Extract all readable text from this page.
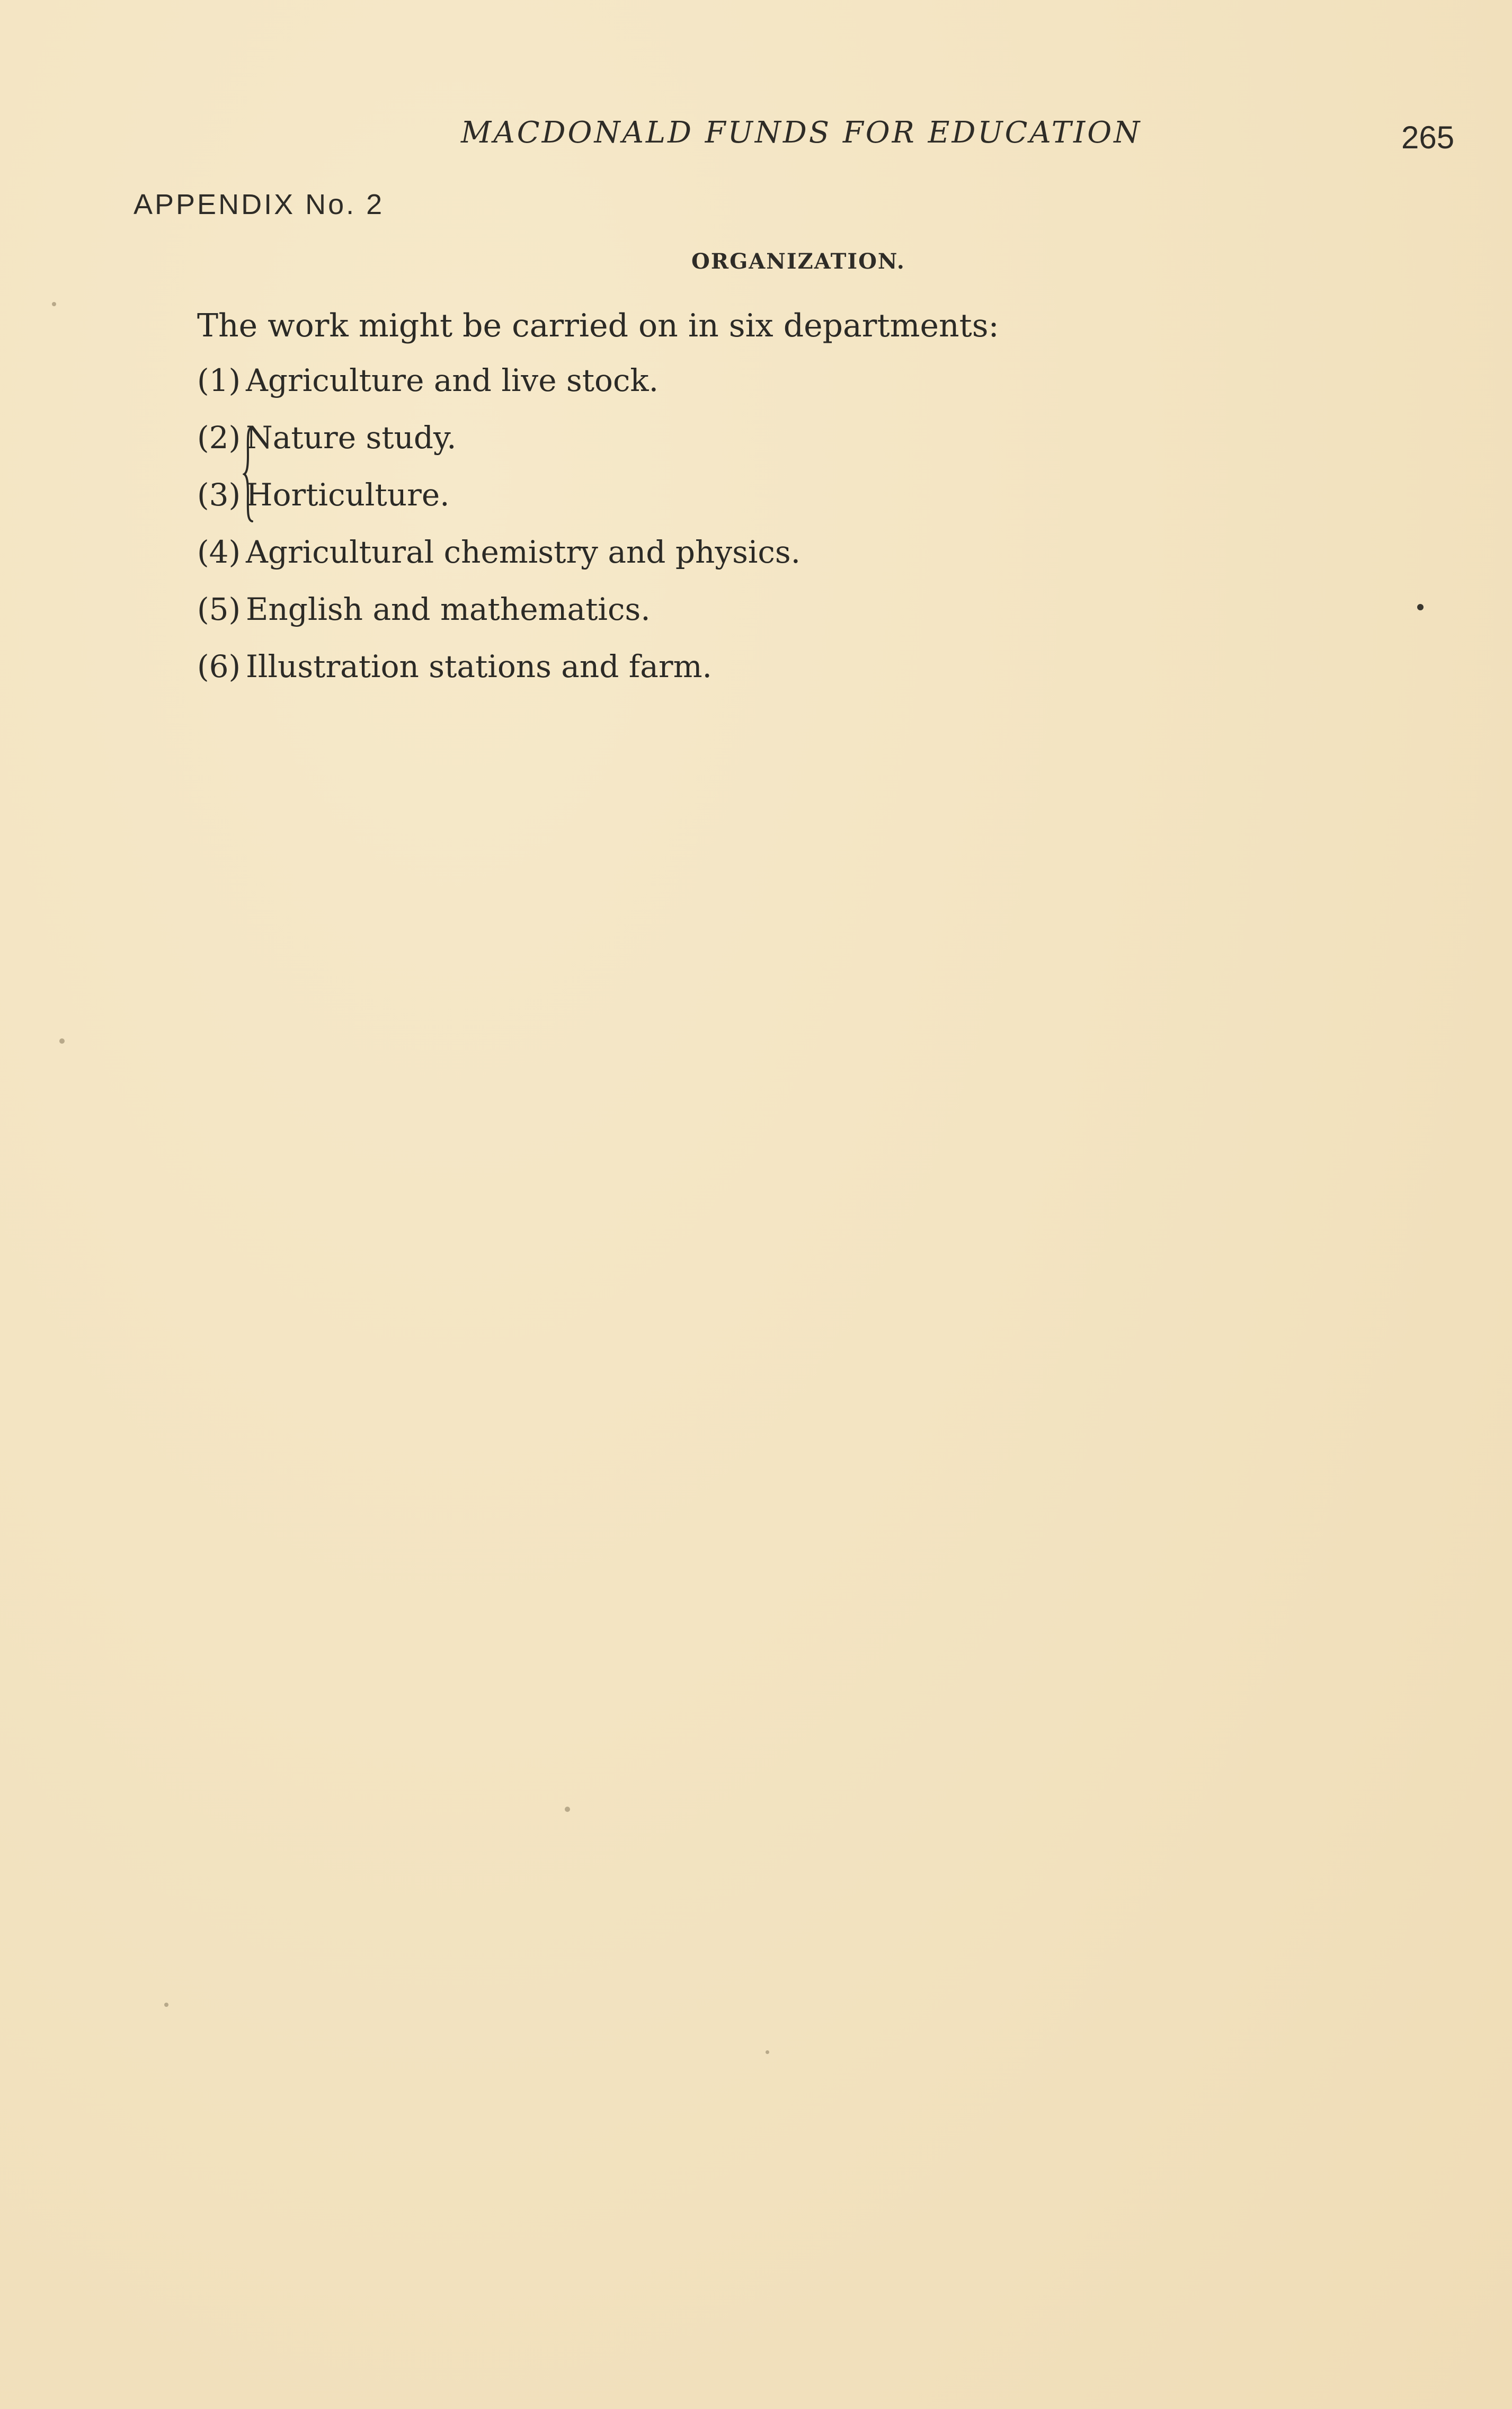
MACDONALD FUNDS FOR EDUCATION	265
APPENDIX No. 2
ORGANIZATION.
The work might be carried on in six departments:
(1) Agriculture and live stock.
(2) Nature study.
(3) Horticulture.
(4) Agricultural chemistry and physics.
(5) English and mathematics.
(6) Illustration stations and farm.
